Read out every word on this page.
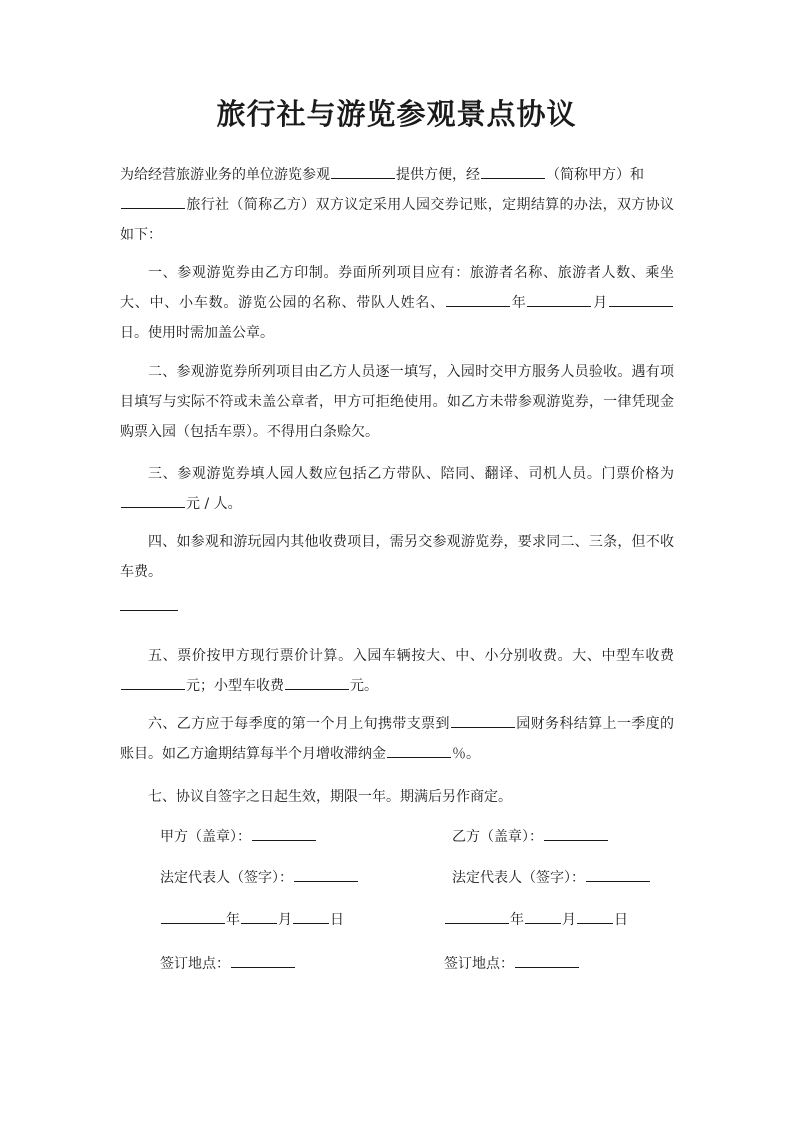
旅行社与游览参观景点协议

为给经营旅游业务的单位游览参观	提供方便，经	（简称甲方）和
旅行社（简称乙方）双方议定采用人园交券记账，定期结算的办法，双方协议如下：

一、参观游览券由乙方印制。券面所列项目应有：旅游者名称、旅游者人数、乘坐大、中、小车数。游览公园的名称、带队人姓名、	年	月日。使用时需加盖公章。

二、参观游览券所列项目由乙方人员逐一填写，入园时交甲方服务人员验收。遇有项目填写与实际不符或未盖公章者，甲方可拒绝使用。如乙方未带参观游览券，一律凭现金购票入园（包括车票）。不得用白条赊欠。

三、参观游览券填人园人数应包括乙方带队、陪同、翻译、司机人员。门票价格为元 / 人。

四、如参观和游玩园内其他收费项目，需另交参观游览券，要求同二、三条，但不收车费。

五、票价按甲方现行票价计算。入园车辆按大、中、小分别收费。大、中型车收费元；小型车收费	元。

六、乙方应于每季度的第一个月上旬携带支票到	园财务科结算上一季度的账目。如乙方逾期结算每半个月增收滞纳金	％。

七、协议自签字之日起生效，期限一年。期满后另作商定。

甲方（盖章）：	乙方（盖章）：
法定代表人（签字）：	法定代表人（签字）：
年	月	日	年	月	日
签订地点：	签订地点：
